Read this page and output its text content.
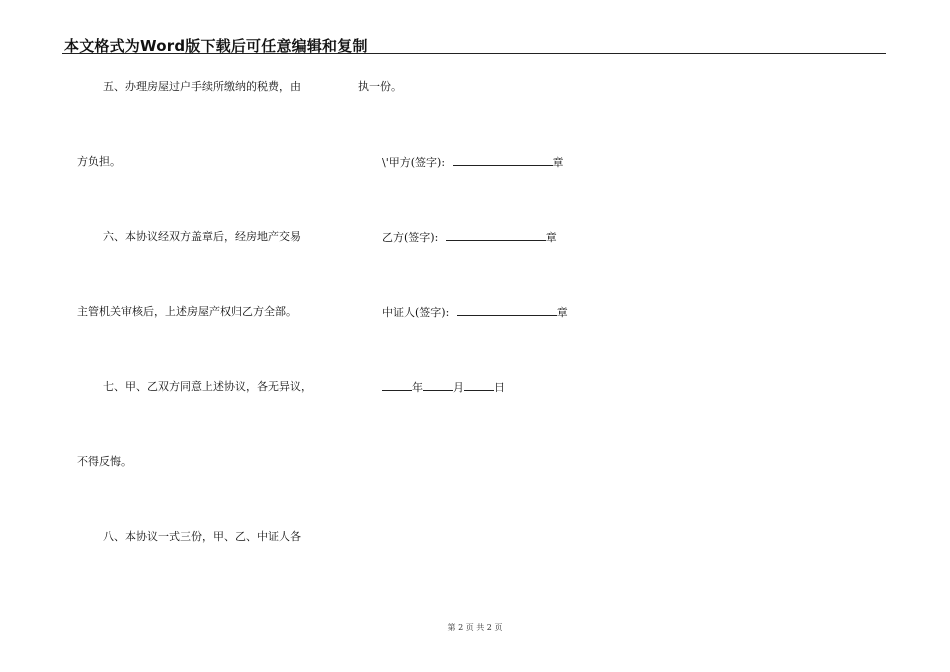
本文格式为Word版下载后可任意编辑和复制
五、办理房屋过户手续所缴纳的税费，由
方负担。
六、本协议经双方盖章后，经房地产交易
主管机关审核后，上述房屋产权归乙方全部。
七、甲、乙双方同意上述协议，各无异议，
不得反悔。
八、本协议一式三份，甲、乙、中证人各
执一份。
\'甲方(签字):	章
乙方(签字):	章
中证人(签字):	章
年	月	日
第 2 页 共 2 页
